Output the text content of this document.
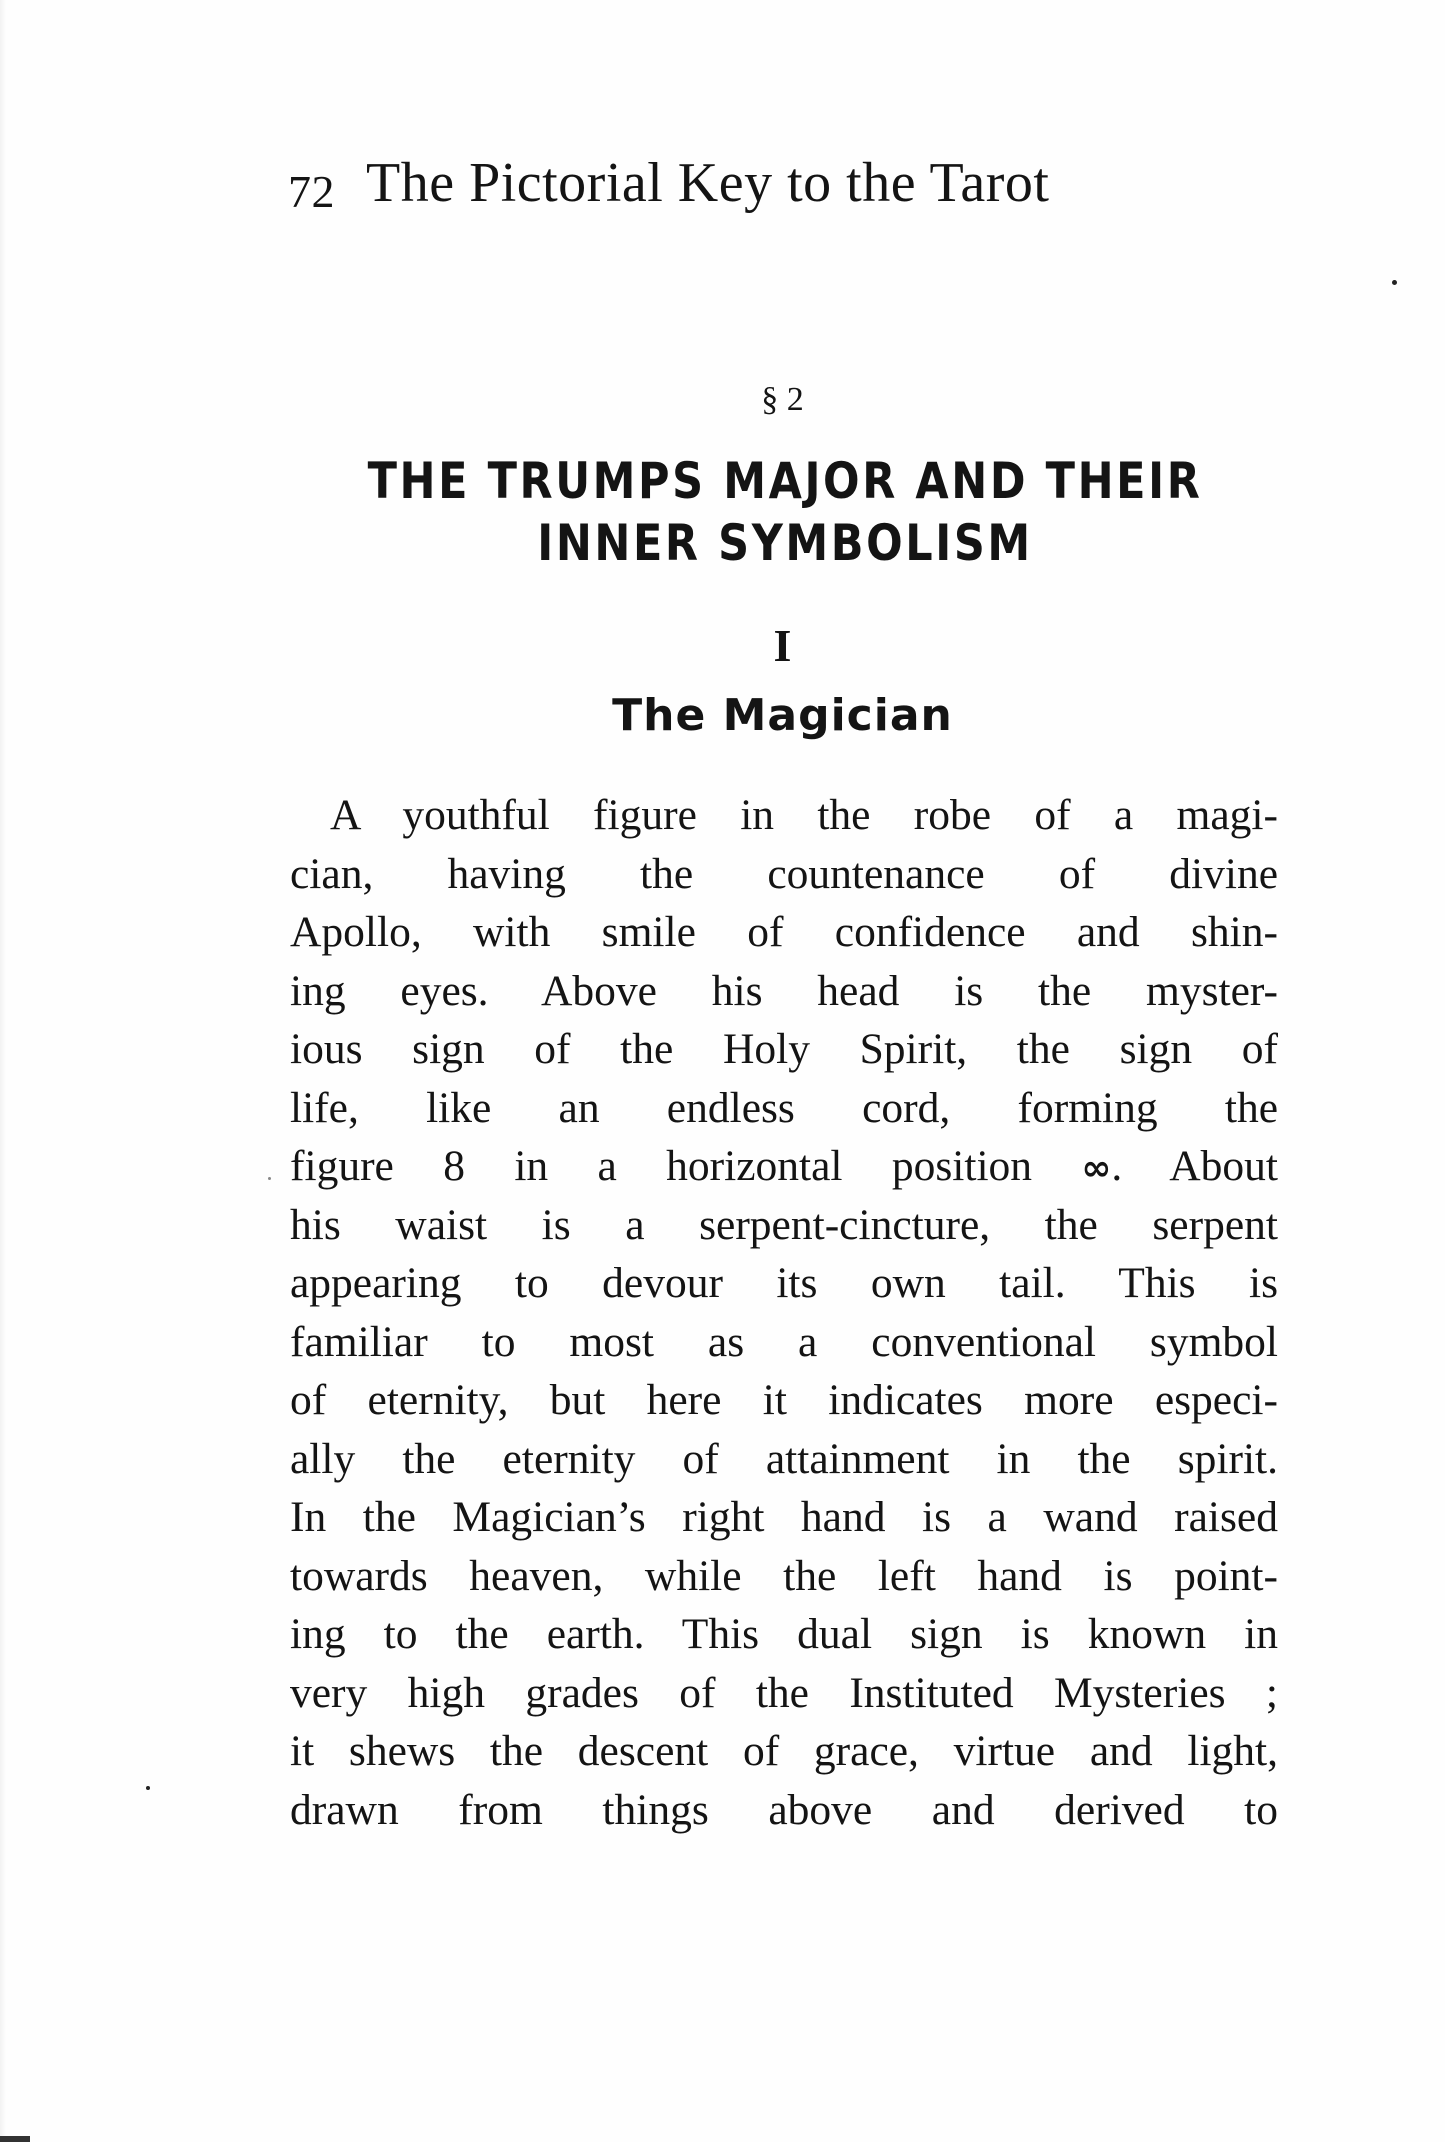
72 The Pictorial Key to the Tarot
§ 2
THE TRUMPS MAJOR AND THEIR
INNER SYMBOLISM
I
The Magician
A youthful figure in the robe of a magi-
cian, having the countenance of divine
Apollo, with smile of confidence and shin-
ing eyes. Above his head is the myster-
ious sign of the Holy Spirit, the sign of
life, like an endless cord, forming the
figure 8 in a horizontal position ∞. About
his waist is a serpent-cincture, the serpent
appearing to devour its own tail. This is
familiar to most as a conventional symbol
of eternity, but here it indicates more especi-
ally the eternity of attainment in the spirit.
In the Magician’s right hand is a wand raised
towards heaven, while the left hand is point-
ing to the earth. This dual sign is known in
very high grades of the Instituted Mysteries ;
it shews the descent of grace, virtue and light,
drawn from things above and derived to
